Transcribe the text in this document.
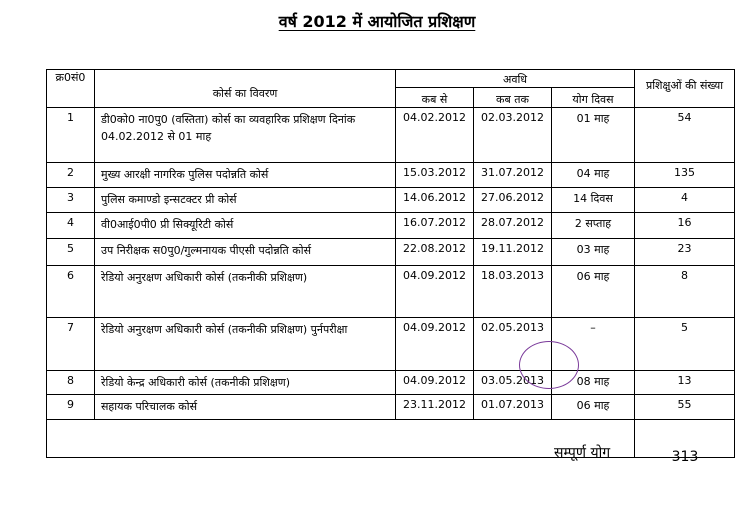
वर्ष 2012 में आयोजित प्रशिक्षण
क्र0सं0	कोर्स का विवरण	अवधि			प्रशिक्षुओं की संख्या
		कब से	कब तक	योग दिवस	
1	डी0को0 ना0पु0 (वस्तिता) कोर्स का व्यवहारिक प्रशिक्षण दिनांक 04.02.2012 से 01 माह	04.02.2012	02.03.2012	01 माह	54
2	मुख्य आरक्षी नागरिक पुलिस पदोन्नति कोर्स	15.03.2012	31.07.2012	04 माह	135
3	पुलिस कमाण्डो इन्सटक्टर प्री कोर्स	14.06.2012	27.06.2012	14 दिवस	4
4	वी0आई0पी0 प्री सिक्यूरिटी कोर्स	16.07.2012	28.07.2012	2 सप्ताह	16
5	उप निरीक्षक स0पु0/गुल्मनायक पीएसी पदोन्नति कोर्स	22.08.2012	19.11.2012	03 माह	23
6	रेडियो अनुरक्षण अधिकारी कोर्स (तकनीकी प्रशिक्षण)	04.09.2012	18.03.2013	06 माह	8
7	रेडियो अनुरक्षण अधिकारी कोर्स (तकनीकी प्रशिक्षण) पुर्नपरीक्षा	04.09.2012	02.05.2013	–	5
8	रेडियो केन्द्र अधिकारी कोर्स (तकनीकी प्रशिक्षण)	04.09.2012	03.05.2013	08 माह	13
9	सहायक परिचालक कोर्स	23.11.2012	01.07.2013	06 माह	55

सम्पूर्ण योग	313
